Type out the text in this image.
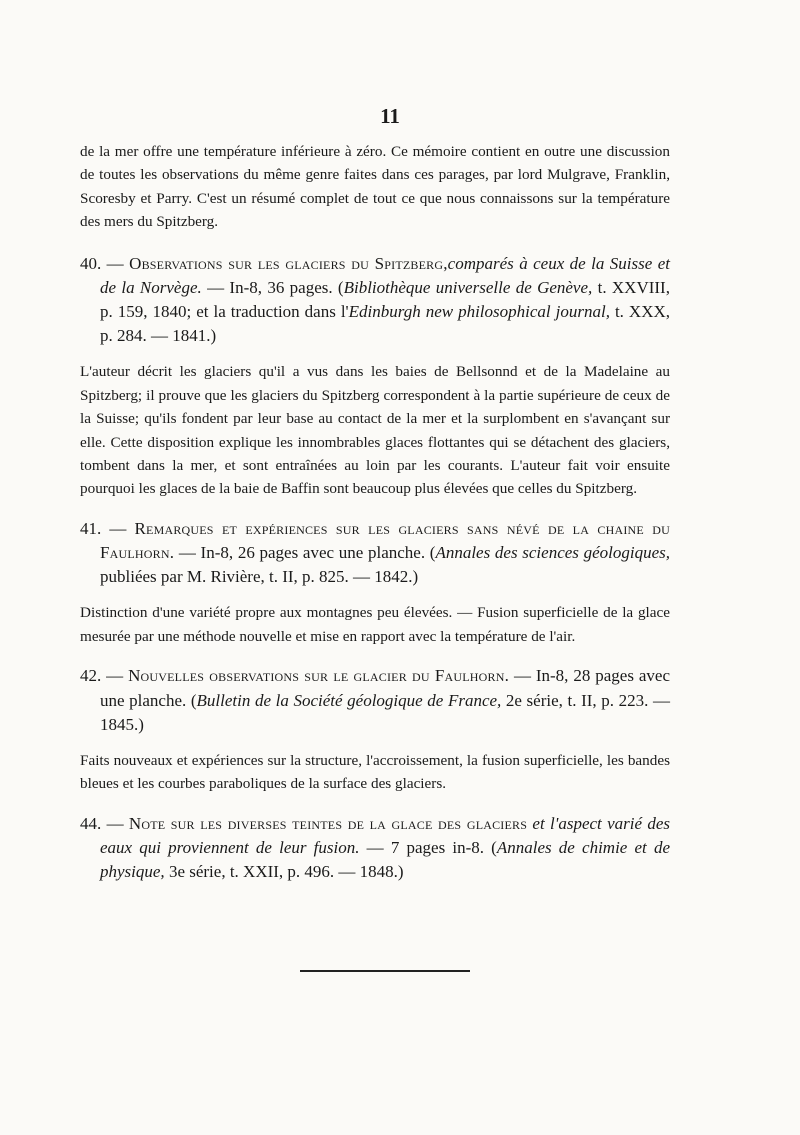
11

de la mer offre une température inférieure à zéro. Ce mémoire contient en outre une discussion de toutes les observations du même genre faites dans ces parages, par lord Mulgrave, Franklin, Scoresby et Parry. C'est un résumé complet de tout ce que nous connaissons sur la température des mers du Spitzberg.

40. — Observations sur les glaciers du Spitzberg,comparés à ceux de la Suisse et de la Norvège. — In-8, 36 pages. (Bibliothèque universelle de Genève, t. XXVIII, p. 159, 1840; et la traduction dans l'Edinburgh new philosophical journal, t. XXX, p. 284. — 1841.)

L'auteur décrit les glaciers qu'il a vus dans les baies de Bellsonnd et de la Madelaine au Spitzberg; il prouve que les glaciers du Spitzberg correspondent à la partie supérieure de ceux de la Suisse; qu'ils fondent par leur base au contact de la mer et la surplombent en s'avançant sur elle. Cette disposition explique les innombrables glaces flottantes qui se détachent des glaciers, tombent dans la mer, et sont entraînées au loin par les courants. L'auteur fait voir ensuite pourquoi les glaces de la baie de Baffin sont beaucoup plus élevées que celles du Spitzberg.

41. — Remarques et expériences sur les glaciers sans névé de la chaine du Faulhorn. — In-8, 26 pages avec une planche. (Annales des sciences géologiques, publiées par M. Rivière, t. II, p. 825. — 1842.)

Distinction d'une variété propre aux montagnes peu élevées. — Fusion superficielle de la glace mesurée par une méthode nouvelle et mise en rapport avec la température de l'air.

42. — Nouvelles observations sur le glacier du Faulhorn. — In-8, 28 pages avec une planche. (Bulletin de la Société géologique de France, 2e série, t. II, p. 223. — 1845.)

Faits nouveaux et expériences sur la structure, l'accroissement, la fusion superficielle, les bandes bleues et les courbes paraboliques de la surface des glaciers.

44. — Note sur les diverses teintes de la glace des glaciers et l'aspect varié des eaux qui proviennent de leur fusion. — 7 pages in-8. (Annales de chimie et de physique, 3e série, t. XXII, p. 496. — 1848.)
